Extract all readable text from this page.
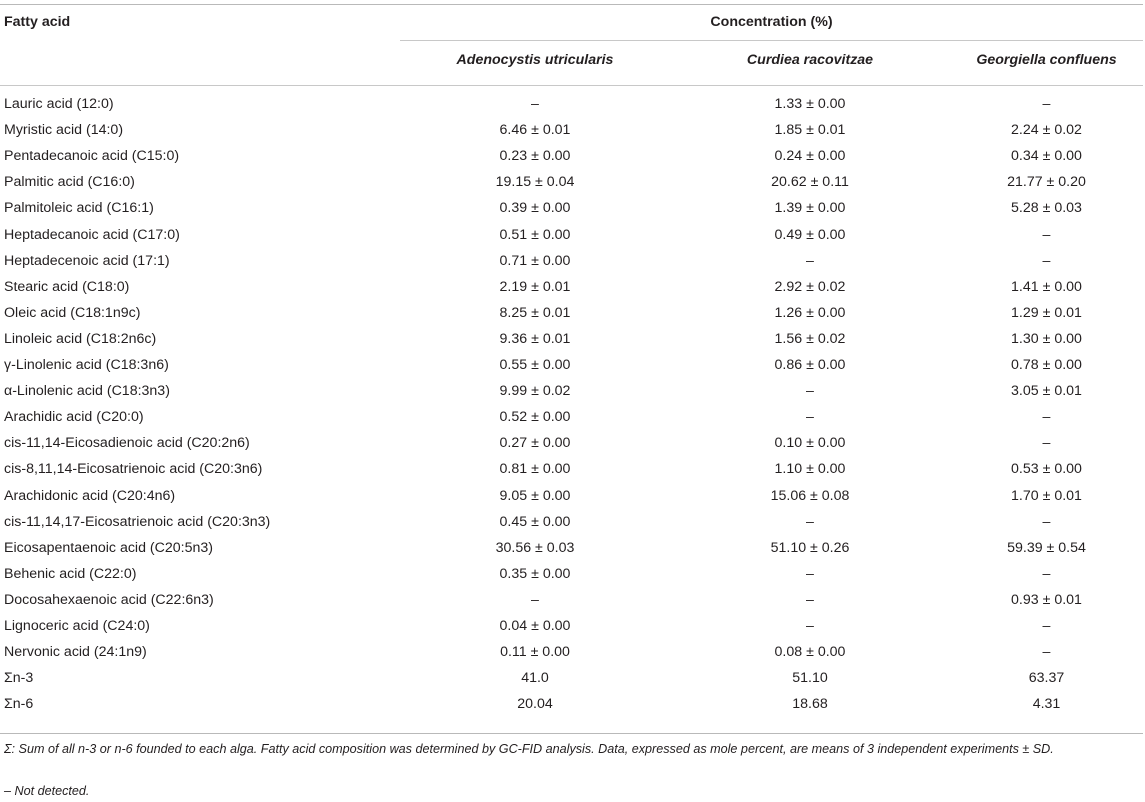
Fatty acid	Concentration (%)
Adenocystis utricularis	Curdiea racovitzae	Georgiella confluens
Lauric acid (12:0)	–	1.33 ± 0.00	–
Myristic acid (14:0)	6.46 ± 0.01	1.85 ± 0.01	2.24 ± 0.02
Pentadecanoic acid (C15:0)	0.23 ± 0.00	0.24 ± 0.00	0.34 ± 0.00
Palmitic acid (C16:0)	19.15 ± 0.04	20.62 ± 0.11	21.77 ± 0.20
Palmitoleic acid (C16:1)	0.39 ± 0.00	1.39 ± 0.00	5.28 ± 0.03
Heptadecanoic acid (C17:0)	0.51 ± 0.00	0.49 ± 0.00	–
Heptadecenoic acid (17:1)	0.71 ± 0.00	–	–
Stearic acid (C18:0)	2.19 ± 0.01	2.92 ± 0.02	1.41 ± 0.00
Oleic acid (C18:1n9c)	8.25 ± 0.01	1.26 ± 0.00	1.29 ± 0.01
Linoleic acid (C18:2n6c)	9.36 ± 0.01	1.56 ± 0.02	1.30 ± 0.00
γ-Linolenic acid (C18:3n6)	0.55 ± 0.00	0.86 ± 0.00	0.78 ± 0.00
α-Linolenic acid (C18:3n3)	9.99 ± 0.02	–	3.05 ± 0.01
Arachidic acid (C20:0)	0.52 ± 0.00	–	–
cis-11,14-Eicosadienoic acid (C20:2n6)	0.27 ± 0.00	0.10 ± 0.00	–
cis-8,11,14-Eicosatrienoic acid (C20:3n6)	0.81 ± 0.00	1.10 ± 0.00	0.53 ± 0.00
Arachidonic acid (C20:4n6)	9.05 ± 0.00	15.06 ± 0.08	1.70 ± 0.01
cis-11,14,17-Eicosatrienoic acid (C20:3n3)	0.45 ± 0.00	–	–
Eicosapentaenoic acid (C20:5n3)	30.56 ± 0.03	51.10 ± 0.26	59.39 ± 0.54
Behenic acid (C22:0)	0.35 ± 0.00	–	–
Docosahexaenoic acid (C22:6n3)	–	–	0.93 ± 0.01
Lignoceric acid (C24:0)	0.04 ± 0.00	–	–
Nervonic acid (24:1n9)	0.11 ± 0.00	0.08 ± 0.00	–
Σn-3	41.0	51.10	63.37
Σn-6	20.04	18.68	4.31
Σ: Sum of all n-3 or n-6 founded to each alga. Fatty acid composition was determined by GC-FID analysis. Data, expressed as mole percent, are means of 3 independent experiments ± SD.
– Not detected.
